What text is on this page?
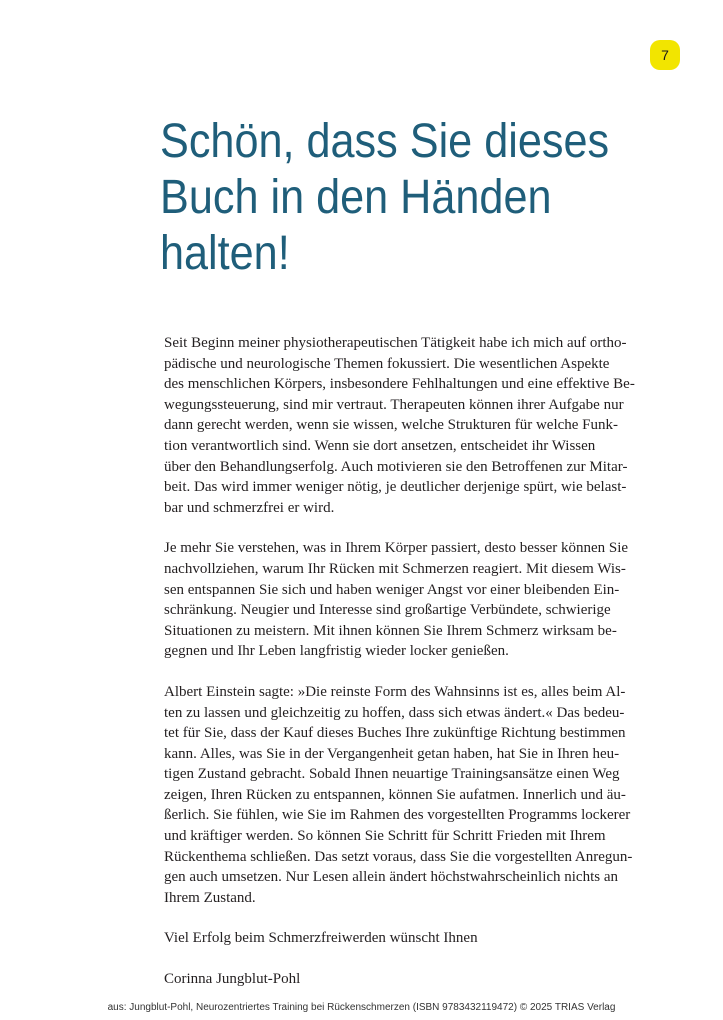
7
Schön, dass Sie dieses
Buch in den Händen
halten!

Seit Beginn meiner physiotherapeutischen Tätigkeit habe ich mich auf ortho-
pädische und neurologische Themen fokussiert. Die wesentlichen Aspekte
des menschlichen Körpers, insbesondere Fehlhaltungen und eine effektive Be-
wegungssteuerung, sind mir vertraut. Therapeuten können ihrer Aufgabe nur
dann gerecht werden, wenn sie wissen, welche Strukturen für welche Funk-
tion verantwortlich sind. Wenn sie dort ansetzen, entscheidet ihr Wissen
über den Behandlungserfolg. Auch motivieren sie den Betroffenen zur Mitar-
beit. Das wird immer weniger nötig, je deutlicher derjenige spürt, wie belast-
bar und schmerzfrei er wird.

Je mehr Sie verstehen, was in Ihrem Körper passiert, desto besser können Sie
nachvollziehen, warum Ihr Rücken mit Schmerzen reagiert. Mit diesem Wis-
sen entspannen Sie sich und haben weniger Angst vor einer bleibenden Ein-
schränkung. Neugier und Interesse sind großartige Verbündete, schwierige
Situationen zu meistern. Mit ihnen können Sie Ihrem Schmerz wirksam be-
gegnen und Ihr Leben langfristig wieder locker genießen.

Albert Einstein sagte: »Die reinste Form des Wahnsinns ist es, alles beim Al-
ten zu lassen und gleichzeitig zu hoffen, dass sich etwas ändert.« Das bedeu-
tet für Sie, dass der Kauf dieses Buches Ihre zukünftige Richtung bestimmen
kann. Alles, was Sie in der Vergangenheit getan haben, hat Sie in Ihren heu-
tigen Zustand gebracht. Sobald Ihnen neuartige Trainingsansätze einen Weg
zeigen, Ihren Rücken zu entspannen, können Sie aufatmen. Innerlich und äu-
ßerlich. Sie fühlen, wie Sie im Rahmen des vorgestellten Programms lockerer
und kräftiger werden. So können Sie Schritt für Schritt Frieden mit Ihrem
Rückenthema schließen. Das setzt voraus, dass Sie die vorgestellten Anregun-
gen auch umsetzen. Nur Lesen allein ändert höchstwahrscheinlich nichts an
Ihrem Zustand.

Viel Erfolg beim Schmerzfreiwerden wünscht Ihnen

Corinna Jungblut-Pohl

aus: Jungblut-Pohl, Neurozentriertes Training bei Rückenschmerzen (ISBN 9783432119472) © 2025 TRIAS Verlag
